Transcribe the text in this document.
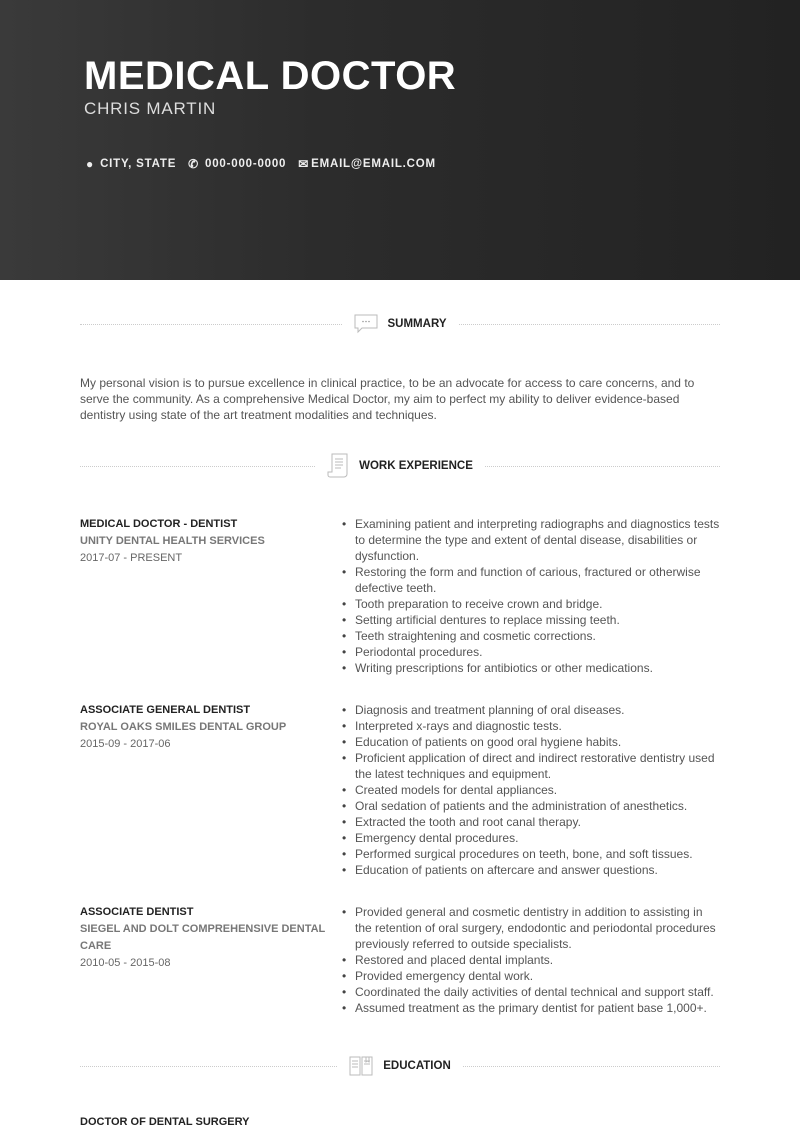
MEDICAL DOCTOR
CHRIS MARTIN
● CITY, STATE ✆ 000-000-0000 ✉ EMAIL@EMAIL.COM
SUMMARY
My personal vision is to pursue excellence in clinical practice, to be an advocate for access to care concerns, and to serve the community. As a comprehensive Medical Doctor, my aim to perfect my ability to deliver evidence-based dentistry using state of the art treatment modalities and techniques.
WORK EXPERIENCE
MEDICAL DOCTOR - DENTIST
UNITY DENTAL HEALTH SERVICES
2017-07 - PRESENT
• Examining patient and interpreting radiographs and diagnostics tests to determine the type and extent of dental disease, disabilities or dysfunction.
• Restoring the form and function of carious, fractured or otherwise defective teeth.
• Tooth preparation to receive crown and bridge.
• Setting artificial dentures to replace missing teeth.
• Teeth straightening and cosmetic corrections.
• Periodontal procedures.
• Writing prescriptions for antibiotics or other medications.
ASSOCIATE GENERAL DENTIST
ROYAL OAKS SMILES DENTAL GROUP
2015-09 - 2017-06
• Diagnosis and treatment planning of oral diseases.
• Interpreted x-rays and diagnostic tests.
• Education of patients on good oral hygiene habits.
• Proficient application of direct and indirect restorative dentistry used the latest techniques and equipment.
• Created models for dental appliances.
• Oral sedation of patients and the administration of anesthetics.
• Extracted the tooth and root canal therapy.
• Emergency dental procedures.
• Performed surgical procedures on teeth, bone, and soft tissues.
• Education of patients on aftercare and answer questions.
ASSOCIATE DENTIST
SIEGEL AND DOLT COMPREHENSIVE DENTAL CARE
2010-05 - 2015-08
• Provided general and cosmetic dentistry in addition to assisting in the retention of oral surgery, endodontic and periodontal procedures previously referred to outside specialists.
• Restored and placed dental implants.
• Provided emergency dental work.
• Coordinated the daily activities of dental technical and support staff.
• Assumed treatment as the primary dentist for patient base 1,000+.
EDUCATION
DOCTOR OF DENTAL SURGERY
